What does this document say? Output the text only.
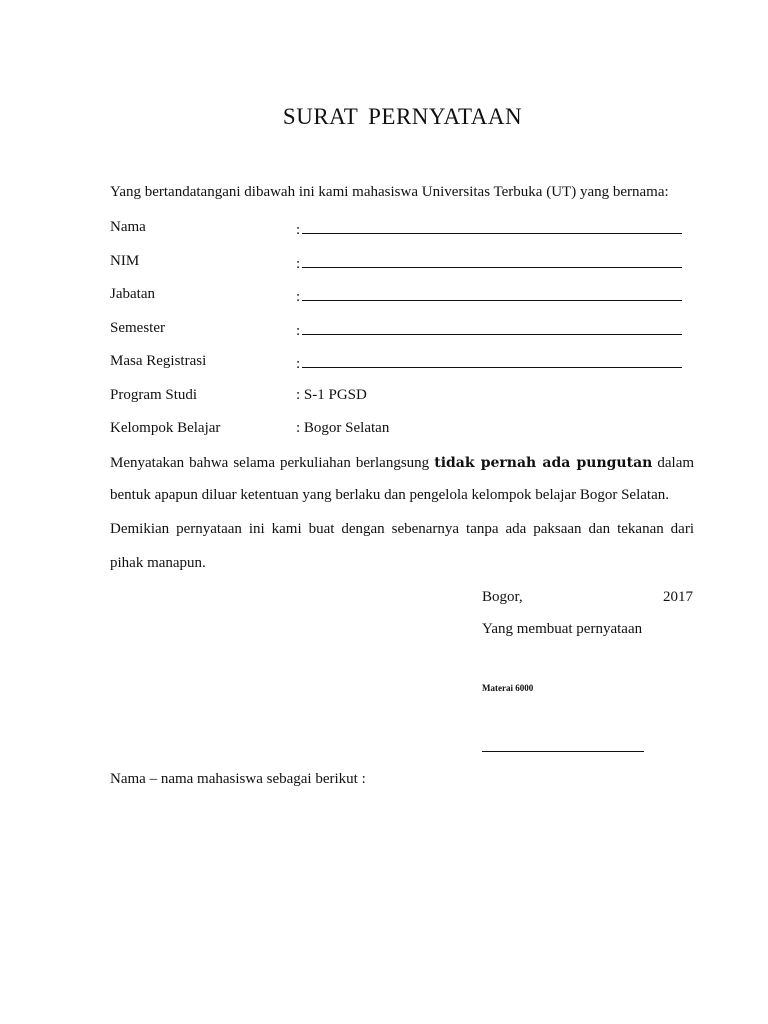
SURAT PERNYATAAN
Yang bertandatangani dibawah ini kami mahasiswa Universitas Terbuka (UT) yang bernama:
Nama	:
NIM	:
Jabatan	:
Semester	:
Masa Registrasi	:
Program Studi	: S-1 PGSD
Kelompok Belajar	: Bogor Selatan
Menyatakan bahwa selama perkuliahan berlangsung tidak pernah ada pungutan dalam
bentuk apapun diluar ketentuan yang berlaku dan pengelola kelompok belajar Bogor Selatan.
Demikian pernyataan ini kami buat dengan sebenarnya tanpa ada paksaan dan tekanan dari
pihak manapun.
Bogor,	2017
Yang membuat pernyataan
Materai 6000
Nama – nama mahasiswa sebagai berikut :
